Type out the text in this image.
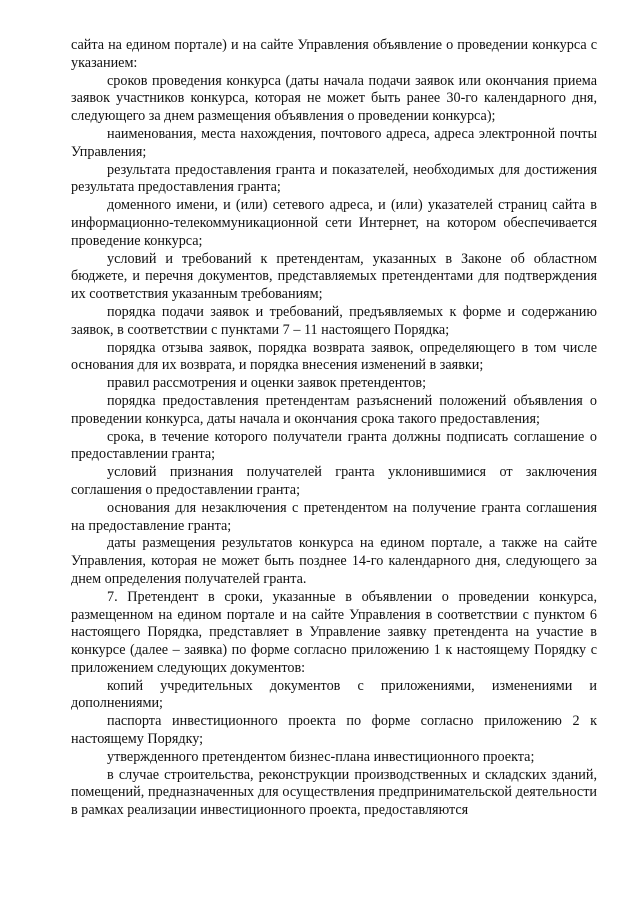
сайта на едином портале) и на сайте Управления объявление о проведении конкурса с указанием:

сроков проведения конкурса (даты начала подачи заявок или окончания приема заявок участников конкурса, которая не может быть ранее 30-го календарного дня, следующего за днем размещения объявления о проведении конкурса);

наименования, места нахождения, почтового адреса, адреса электронной почты Управления;

результата предоставления гранта и показателей, необходимых для достижения результата предоставления гранта;

доменного имени, и (или) сетевого адреса, и (или) указателей страниц сайта в информационно-телекоммуникационной сети Интернет, на котором обеспечивается проведение конкурса;

условий и требований к претендентам, указанных в Законе об областном бюджете, и перечня документов, представляемых претендентами для подтверждения их соответствия указанным требованиям;

порядка подачи заявок и требований, предъявляемых к форме и содержанию заявок, в соответствии с пунктами 7 – 11 настоящего Порядка;

порядка отзыва заявок, порядка возврата заявок, определяющего в том числе основания для их возврата, и порядка внесения изменений в заявки;

правил рассмотрения и оценки заявок претендентов;

порядка предоставления претендентам разъяснений положений объявления о проведении конкурса, даты начала и окончания срока такого предоставления;

срока, в течение которого получатели гранта должны подписать соглашение о предоставлении гранта;

условий признания получателей гранта уклонившимися от заключения соглашения о предоставлении гранта;

основания для незаключения с претендентом на получение гранта соглашения на предоставление гранта;

даты размещения результатов конкурса на едином портале, а также на сайте Управления, которая не может быть позднее 14-го календарного дня, следующего за днем определения получателей гранта.

7. Претендент в сроки, указанные в объявлении о проведении конкурса, размещенном на едином портале и на сайте Управления в соответствии с пунктом 6 настоящего Порядка, представляет в Управление заявку претендента на участие в конкурсе (далее – заявка) по форме согласно приложению 1 к настоящему Порядку с приложением следующих документов:

копий учредительных документов с приложениями, изменениями и дополнениями;

паспорта инвестиционного проекта по форме согласно приложению 2 к настоящему Порядку;

утвержденного претендентом бизнес-плана инвестиционного проекта;

в случае строительства, реконструкции производственных и складских зданий, помещений, предназначенных для осуществления предпринимательской деятельности в рамках реализации инвестиционного проекта, предоставляются
